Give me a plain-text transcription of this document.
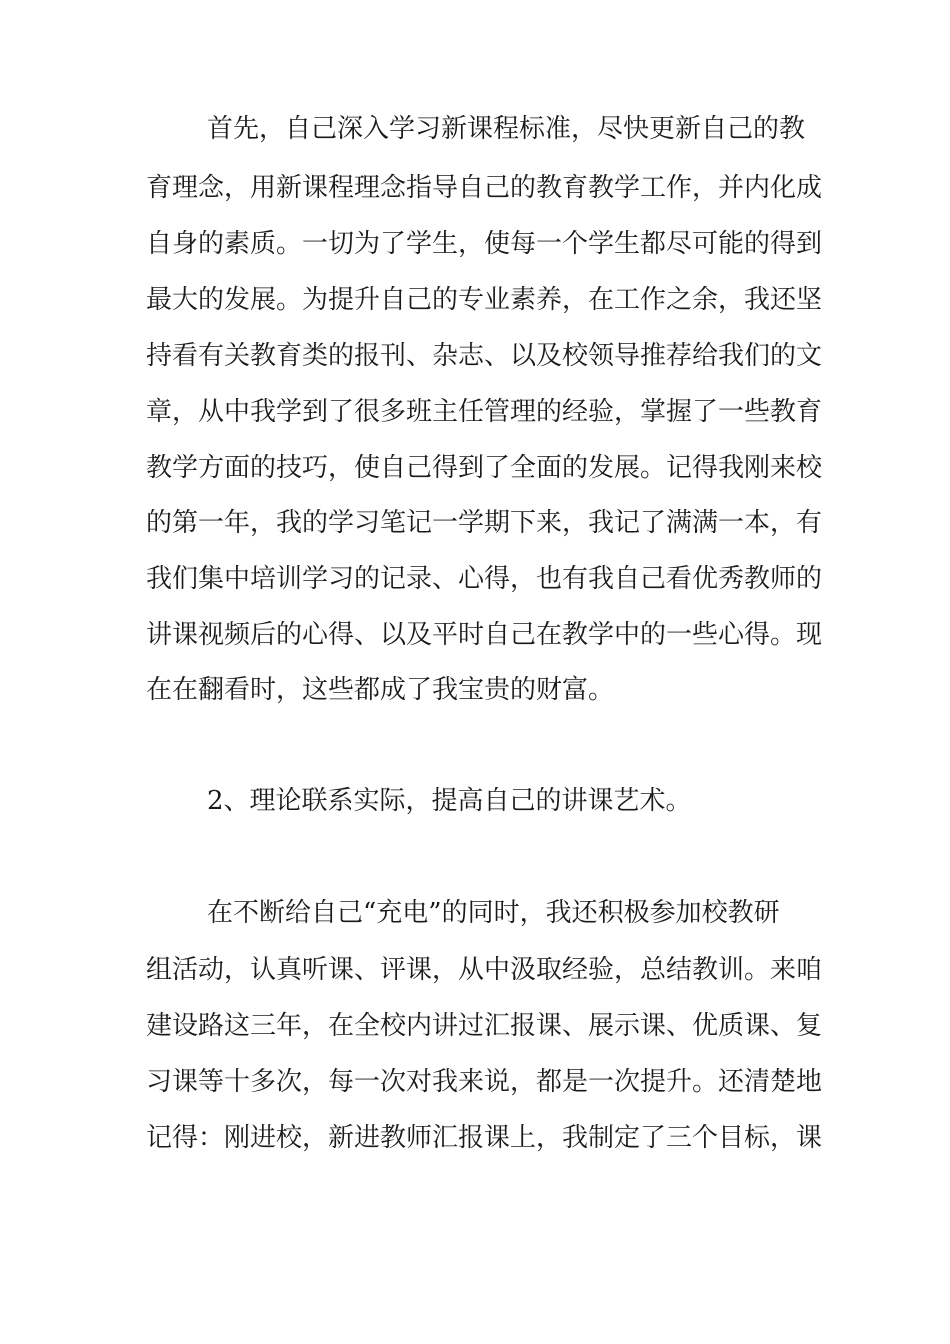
首先，自己深入学习新课程标准，尽快更新自己的教
育理念，用新课程理念指导自己的教育教学工作，并内化成
自身的素质。一切为了学生，使每一个学生都尽可能的得到
最大的发展。为提升自己的专业素养，在工作之余，我还坚
持看有关教育类的报刊、杂志、以及校领导推荐给我们的文
章，从中我学到了很多班主任管理的经验，掌握了一些教育
教学方面的技巧，使自己得到了全面的发展。记得我刚来校
的第一年，我的学习笔记一学期下来，我记了满满一本，有
我们集中培训学习的记录、心得，也有我自己看优秀教师的
讲课视频后的心得、以及平时自己在教学中的一些心得。现
在在翻看时，这些都成了我宝贵的财富。
2、理论联系实际，提高自己的讲课艺术。
在不断给自己“充电”的同时，我还积极参加校教研
组活动，认真听课、评课，从中汲取经验，总结教训。来咱
建设路这三年，在全校内讲过汇报课、展示课、优质课、复
习课等十多次，每一次对我来说，都是一次提升。还清楚地
记得：刚进校，新进教师汇报课上，我制定了三个目标，课
